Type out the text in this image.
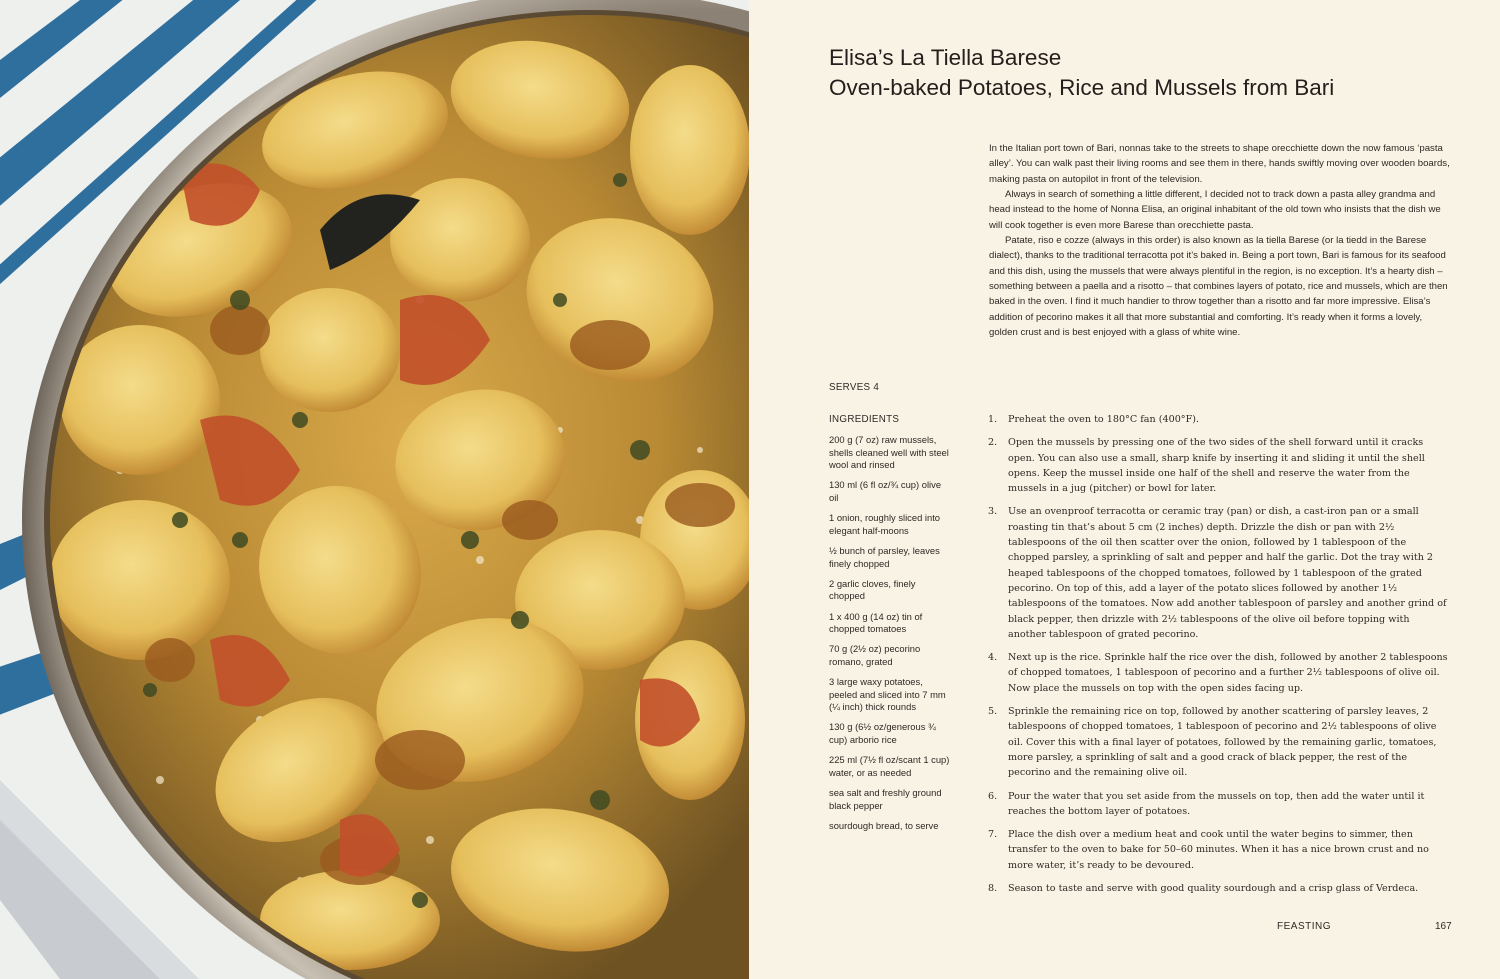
Elisa’s La Tiella Barese
Oven-baked Potatoes, Rice and Mussels from Bari

In the Italian port town of Bari, nonnas take to the streets to shape orecchiette down the now famous ‘pasta alley’. You can walk past their living rooms and see them in there, hands swiftly moving over wooden boards, making pasta on autopilot in front of the television.

Always in search of something a little different, I decided not to track down a pasta alley grandma and head instead to the home of Nonna Elisa, an original inhabitant of the old town who insists that the dish we will cook together is even more Barese than orecchiette pasta.

Patate, riso e cozze (always in this order) is also known as la tiella Barese (or la tiedd in the Barese dialect), thanks to the traditional terracotta pot it’s baked in. Being a port town, Bari is famous for its seafood and this dish, using the mussels that were always plentiful in the region, is no exception. It’s a hearty dish – something between a paella and a risotto – that combines layers of potato, rice and mussels, which are then baked in the oven. I find it much handier to throw together than a risotto and far more impressive. Elisa’s addition of pecorino makes it all that more substantial and comforting. It’s ready when it forms a lovely, golden crust and is best enjoyed with a glass of white wine.

SERVES 4
INGREDIENTS
200 g (7 oz) raw mussels, shells cleaned well with steel wool and rinsed
130 ml (6 fl oz/¾ cup) olive oil
1 onion, roughly sliced into elegant half-moons
½ bunch of parsley, leaves finely chopped
2 garlic cloves, finely chopped
1 x 400 g (14 oz) tin of chopped tomatoes
70 g (2½ oz) pecorino romano, grated
3 large waxy potatoes, peeled and sliced into 7 mm (¼ inch) thick rounds
130 g (6½ oz/generous ¾ cup) arborio rice
225 ml (7½ fl oz/scant 1 cup) water, or as needed
sea salt and freshly ground black pepper
sourdough bread, to serve
1. Preheat the oven to 180°C fan (400°F).
2. Open the mussels by pressing one of the two sides of the shell forward until it cracks open. You can also use a small, sharp knife by inserting it and sliding it until the shell opens. Keep the mussel inside one half of the shell and reserve the water from the mussels in a jug (pitcher) or bowl for later.
3. Use an ovenproof terracotta or ceramic tray (pan) or dish, a cast-iron pan or a small roasting tin that’s about 5 cm (2 inches) depth. Drizzle the dish or pan with 2½ tablespoons of the oil then scatter over the onion, followed by 1 tablespoon of the chopped parsley, a sprinkling of salt and pepper and half the garlic. Dot the tray with 2 heaped tablespoons of the chopped tomatoes, followed by 1 tablespoon of the grated pecorino. On top of this, add a layer of the potato slices followed by another 1½ tablespoons of the tomatoes. Now add another tablespoon of parsley and another grind of black pepper, then drizzle with 2½ tablespoons of the olive oil before topping with another tablespoon of grated pecorino.
4. Next up is the rice. Sprinkle half the rice over the dish, followed by another 2 tablespoons of chopped tomatoes, 1 tablespoon of pecorino and a further 2½ tablespoons of olive oil. Now place the mussels on top with the open sides facing up.
5. Sprinkle the remaining rice on top, followed by another scattering of parsley leaves, 2 tablespoons of chopped tomatoes, 1 tablespoon of pecorino and 2½ tablespoons of olive oil. Cover this with a final layer of potatoes, followed by the remaining garlic, tomatoes, more parsley, a sprinkling of salt and a good crack of black pepper, the rest of the pecorino and the remaining olive oil.
6. Pour the water that you set aside from the mussels on top, then add the water until it reaches the bottom layer of potatoes.
7. Place the dish over a medium heat and cook until the water begins to simmer, then transfer to the oven to bake for 50–60 minutes. When it has a nice brown crust and no more water, it’s ready to be devoured.
8. Season to taste and serve with good quality sourdough and a crisp glass of Verdeca.
FEASTING	167
